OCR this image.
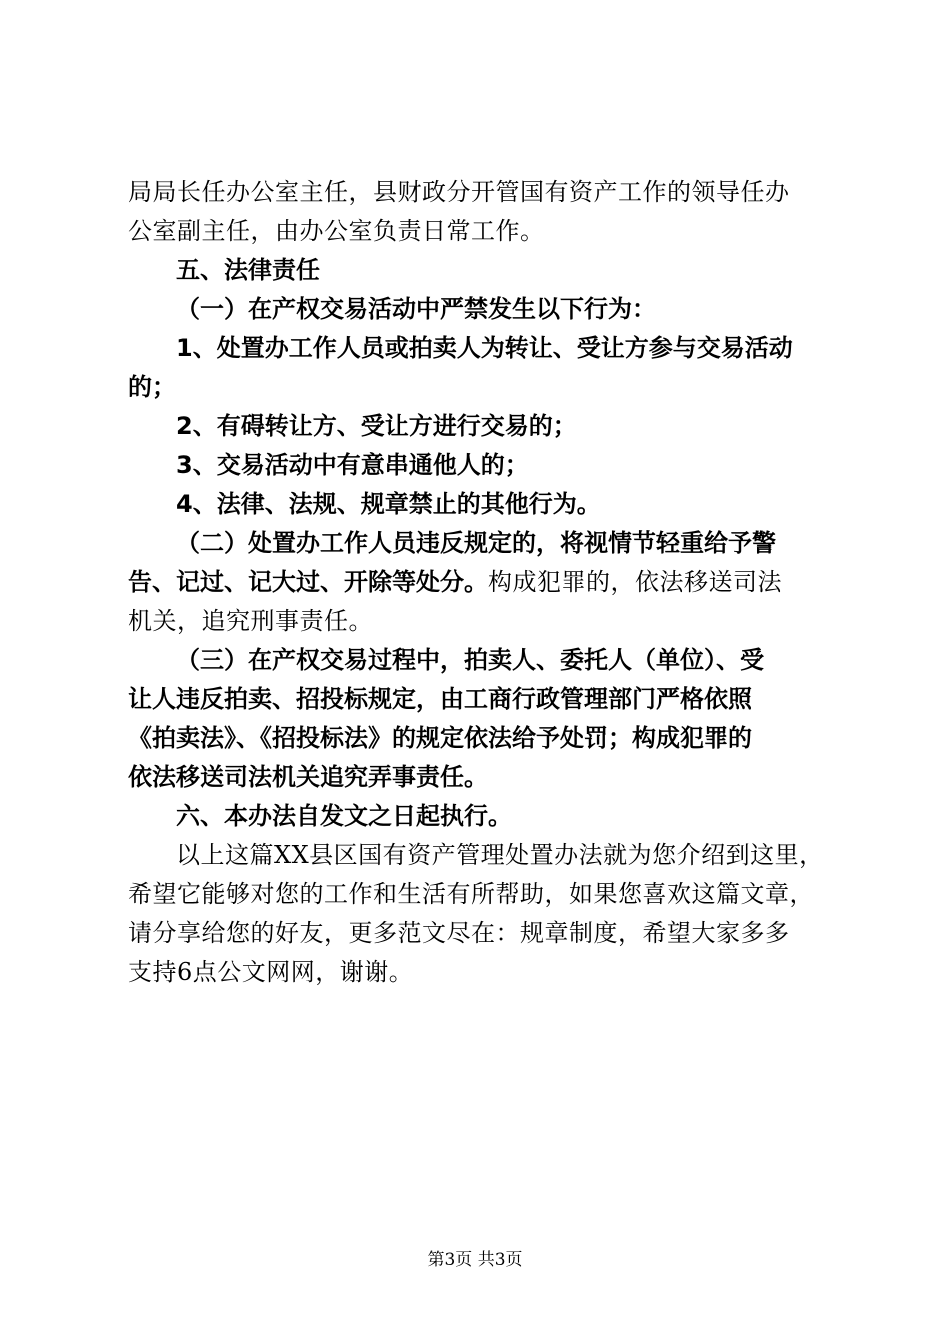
局局长任办公室主任，县财政分开管国有资产工作的领导任办
公室副主任，由办公室负责日常工作。
五、法律责任
（一）在产权交易活动中严禁发生以下行为：
1、处置办工作人员或拍卖人为转让、受让方参与交易活动
的；
2、有碍转让方、受让方进行交易的；
3、交易活动中有意串通他人的；
4、法律、法规、规章禁止的其他行为。
（二）处置办工作人员违反规定的，将视情节轻重给予警
告、记过、记大过、开除等处分。构成犯罪的，依法移送司法
机关，追究刑事责任。
（三）在产权交易过程中，拍卖人、委托人（单位）、受
让人违反拍卖、招投标规定，由工商行政管理部门严格依照
《拍卖法》、《招投标法》的规定依法给予处罚；构成犯罪的
依法移送司法机关追究弄事责任。
六、本办法自发文之日起执行。
以上这篇XX县区国有资产管理处置办法就为您介绍到这里，
希望它能够对您的工作和生活有所帮助，如果您喜欢这篇文章，
请分享给您的好友，更多范文尽在：规章制度，希望大家多多
支持6点公文网网，谢谢。
第3页 共3页
